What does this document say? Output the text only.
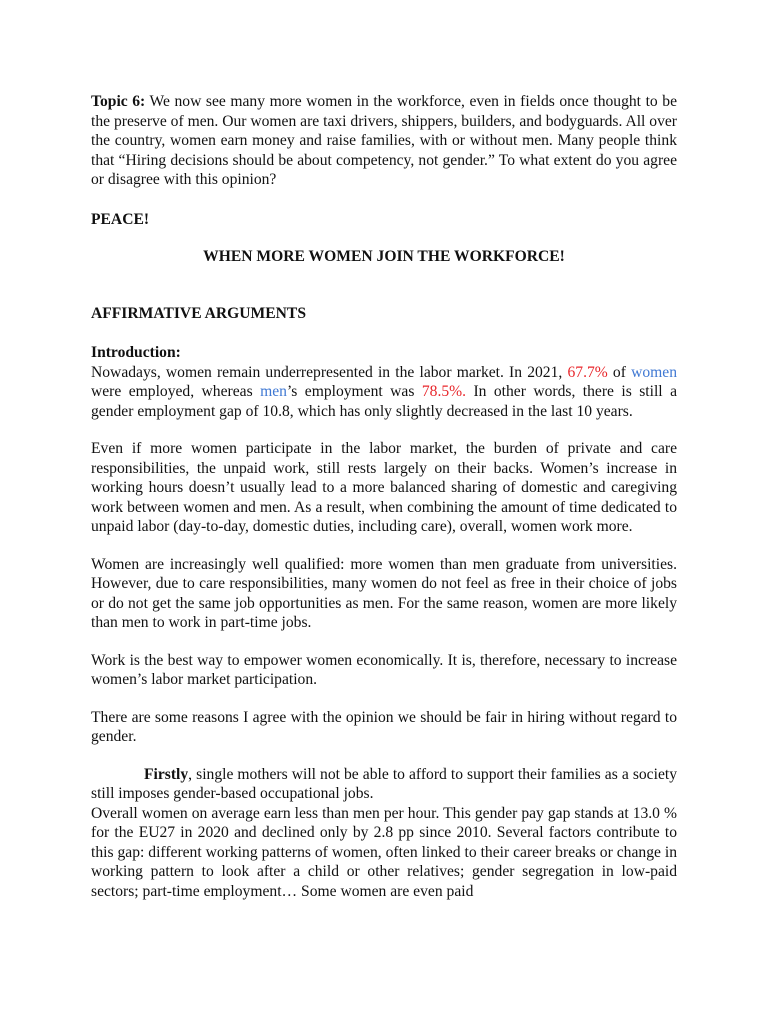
Topic 6: We now see many more women in the workforce, even in fields once thought to be the preserve of men. Our women are taxi drivers, shippers, builders, and bodyguards. All over the country, women earn money and raise families, with or without men. Many people think that “Hiring decisions should be about competency, not gender.” To what extent do you agree or disagree with this opinion?

PEACE!

WHEN MORE WOMEN JOIN THE WORKFORCE!

AFFIRMATIVE ARGUMENTS

Introduction:

Nowadays, women remain underrepresented in the labor market. In 2021, 67.7% of women were employed, whereas men’s employment was 78.5%. In other words, there is still a gender employment gap of 10.8, which has only slightly decreased in the last 10 years.

Even if more women participate in the labor market, the burden of private and care responsibilities, the unpaid work, still rests largely on their backs. Women’s increase in working hours doesn’t usually lead to a more balanced sharing of domestic and caregiving work between women and men. As a result, when combining the amount of time dedicated to unpaid labor (day-to-day, domestic duties, including care), overall, women work more.

Women are increasingly well qualified: more women than men graduate from universities. However, due to care responsibilities, many women do not feel as free in their choice of jobs or do not get the same job opportunities as men. For the same reason, women are more likely than men to work in part-time jobs.

Work is the best way to empower women economically. It is, therefore, necessary to increase women’s labor market participation.

There are some reasons I agree with the opinion we should be fair in hiring without regard to gender.

Firstly, single mothers will not be able to afford to support their families as a society still imposes gender-based occupational jobs.

Overall women on average earn less than men per hour. This gender pay gap stands at 13.0 % for the EU27 in 2020 and declined only by 2.8 pp since 2010. Several factors contribute to this gap: different working patterns of women, often linked to their career breaks or change in working pattern to look after a child or other relatives; gender segregation in low-paid sectors; part-time employment… Some women are even paid
